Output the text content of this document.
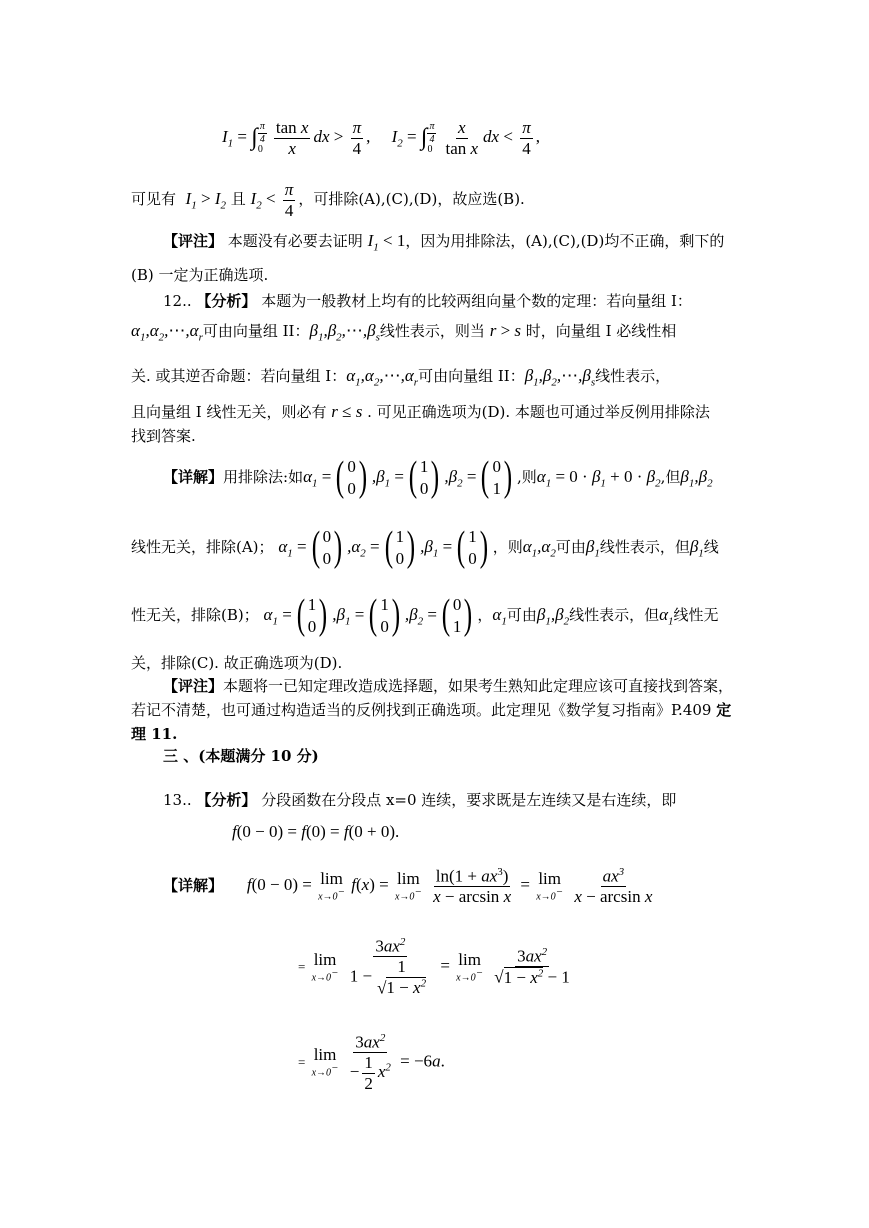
$I_1$ = ∫ $\frac{\pi}{4}$
$0 \frac{\text{tan x}}{x}$ dx > $\frac{\pi}{4}$ ,     $I_2$ = ∫ $\frac{\pi}{4}$
$0 \frac{x}{\text{tan x}}$ dx < $\frac{\pi}{4}$ ,
可见有  $I_1 > I_2$ 且 $I_2 < \frac{\pi}{4}$ ，可排除(A),(C),(D)，故应选(B).
【评注】 本题没有必要去证明 $I_1 < 1$，因为用排除法，(A),(C),(D)均不正确，剩下的
(B) 一定为正确选项.
12.. 【分析】 本题为一般教材上均有的比较两组向量个数的定理：若向量组 I：
$\alpha_1,\alpha_2,\cdots,\alpha_r$可由向量组 II：$\beta_1,\beta_2,\cdots,\beta_s$线性表示，则当 r > s 时，向量组 I 必线性相
关. 或其逆否命题：若向量组 I：$\alpha_1,\alpha_2,\cdots,\alpha_r$可由向量组 II：$\beta_1,\beta_2,\cdots,\beta_s$线性表示，
且向量组 I 线性无关，则必有 r ≤ s . 可见正确选项为(D). 本题也可通过举反例用排除法
找到答案.
【详解】用排除法:如$\alpha_1$ = ( 0
0 ) $,\beta_1$ = ( 1
0 ) $,\beta_2$ = ( 0
1 ) ,则$\alpha_1 = 0 \cdot \beta_1 + 0 \cdot \beta_2$,但$\beta_1,\beta_2$
线性无关，排除(A)； $\alpha_1$ = ( 0
0 ) $,\alpha_2$ = ( 1
0 ) $,\beta_1$ = ( 1
0 ) ，则$\alpha_1,\alpha_2$可由$\beta_1$线性表示，但$\beta_1$线
性无关，排除(B)； $\alpha_1$ = ( 1
0 ) $,\beta_1$ = ( 1
0 ) $,\beta_2$ = ( 0
1 ) ，$\alpha_1$可由$\beta_1,\beta_2$线性表示，但$\alpha_1$线性无
关，排除(C). 故正确选项为(D).
【评注】本题将一已知定理改造成选择题，如果考生熟知此定理应该可直接找到答案，
若记不清楚，也可通过构造适当的反例找到正确选项。此定理见《数学复习指南》P.409 定
理 11.
三 、(本题满分 10 分)
13.. 【分析】 分段函数在分段点 x=0 连续，要求既是左连续又是右连续，即
f(0 − 0) = f(0) = f(0 + 0).
【详解】 f(0 − 0) = lim
x→0− f(x) = lim
x→0−
$\frac{\ln(1 + ax^3)}{\text{x − arcsin x}} = \lim$
x→0−
$\frac{ax^3}{\text{x − arcsin x}}$
= lim
x→0−
$\frac{3ax^2}{1 - \frac{1}{√1 - x^2}} = \lim$
x→0−
$\frac{3ax^2}{√1 - x^2 - 1}$
= lim
x→0−
$\frac{3ax^2}{- \frac{1}{2} x^2} = -6a$.
